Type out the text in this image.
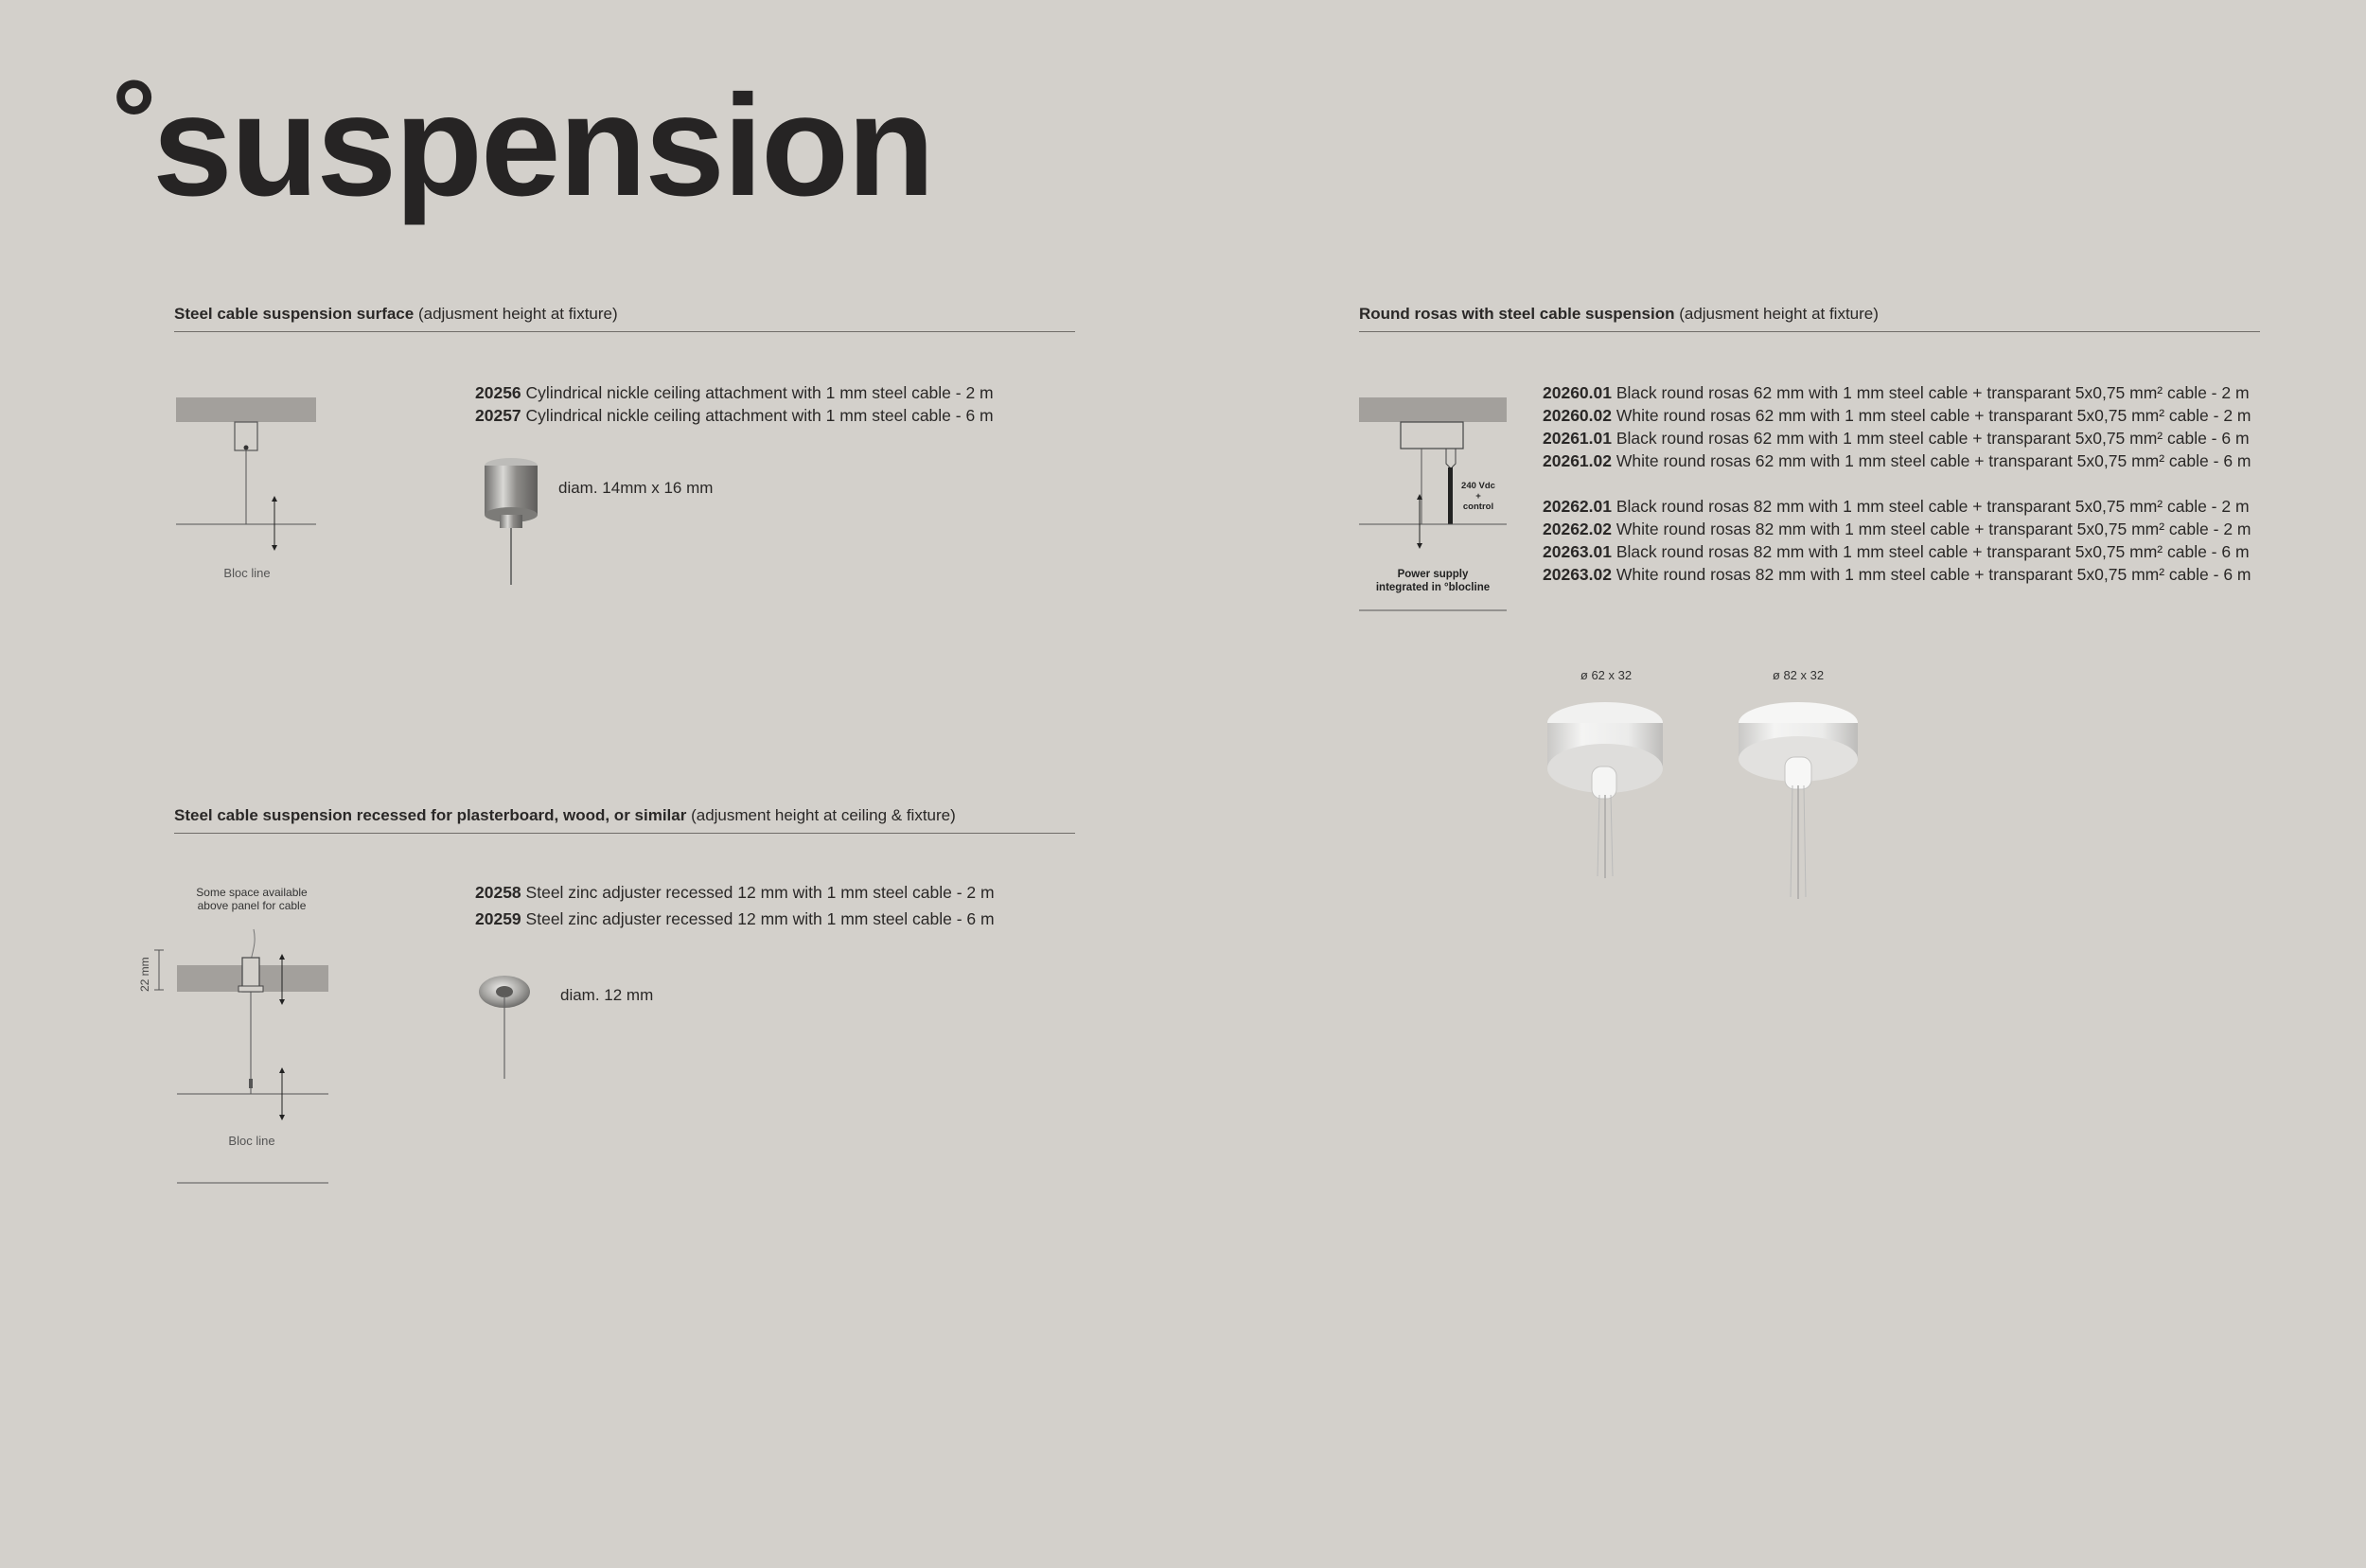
°suspension
Steel cable suspension surface (adjusment height at fixture)
Bloc line
20256 Cylindrical nickle ceiling attachment with 1 mm steel cable - 2 m
20257 Cylindrical nickle ceiling attachment with 1 mm steel cable - 6 m
diam. 14mm x 16 mm
Steel cable suspension recessed for plasterboard, wood, or similar (adjusment height at ceiling & fixture)
Some space available
above panel for cable
22 mm
Bloc line
20258 Steel zinc adjuster recessed 12 mm with 1 mm steel cable - 2 m
20259 Steel zinc adjuster recessed 12 mm with 1 mm steel cable - 6 m
diam. 12 mm
Round rosas with steel cable suspension (adjusment height at fixture)
240 Vdc
+
control
Power supply
integrated in °blocline
20260.01 Black round rosas 62 mm with 1 mm steel cable + transparant 5x0,75 mm² cable - 2 m
20260.02 White round rosas 62 mm with 1 mm steel cable + transparant 5x0,75 mm² cable - 2 m
20261.01 Black round rosas 62 mm with 1 mm steel cable + transparant 5x0,75 mm² cable - 6 m
20261.02 White round rosas 62 mm with 1 mm steel cable + transparant 5x0,75 mm² cable - 6 m
20262.01 Black round rosas 82 mm with 1 mm steel cable + transparant 5x0,75 mm² cable - 2 m
20262.02 White round rosas 82 mm with 1 mm steel cable + transparant 5x0,75 mm² cable - 2 m
20263.01 Black round rosas 82 mm with 1 mm steel cable + transparant 5x0,75 mm² cable - 6 m
20263.02 White round rosas 82 mm with 1 mm steel cable + transparant 5x0,75 mm² cable - 6 m
ø 62 x 32	ø 82 x 32
